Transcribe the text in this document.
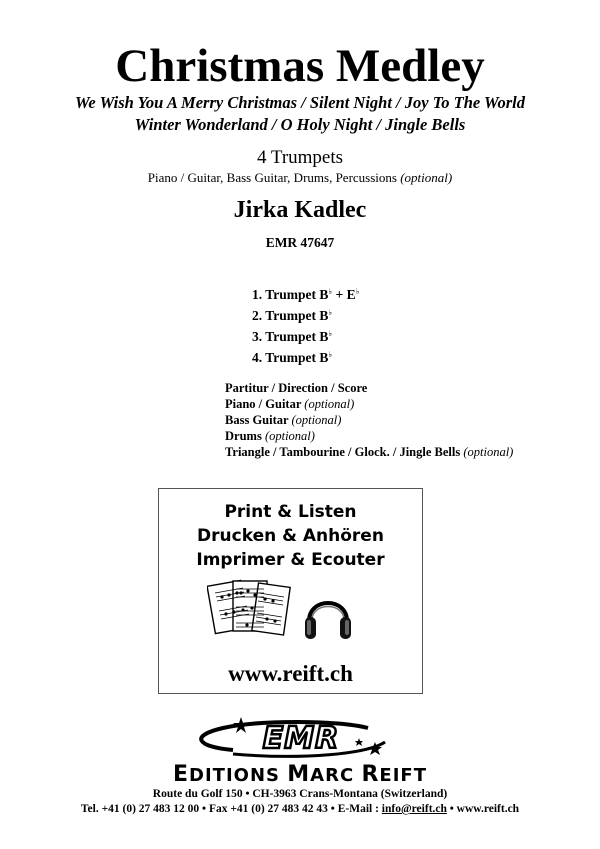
Christmas Medley
We Wish You A Merry Christmas / Silent Night / Joy To The World
Winter Wonderland / O Holy Night / Jingle Bells
4 Trumpets
Piano / Guitar, Bass Guitar, Drums, Percussions (optional)
Jirka Kadlec
EMR 47647
1. Trumpet B♭ + E♭
2. Trumpet B♭
3. Trumpet B♭
4. Trumpet B♭
Partitur / Direction / Score
Piano / Guitar (optional)
Bass Guitar (optional)
Drums (optional)
Triangle / Tambourine / Glock. / Jingle Bells (optional)
Print & Listen
Drucken & Anhören
Imprimer & Ecouter
www.reift.ch
EMR
EDITIONS MARC REIFT
Route du Golf 150 • CH-3963 Crans-Montana (Switzerland)
Tel. +41 (0) 27 483 12 00 • Fax +41 (0) 27 483 42 43 • E-Mail : info@reift.ch • www.reift.ch
